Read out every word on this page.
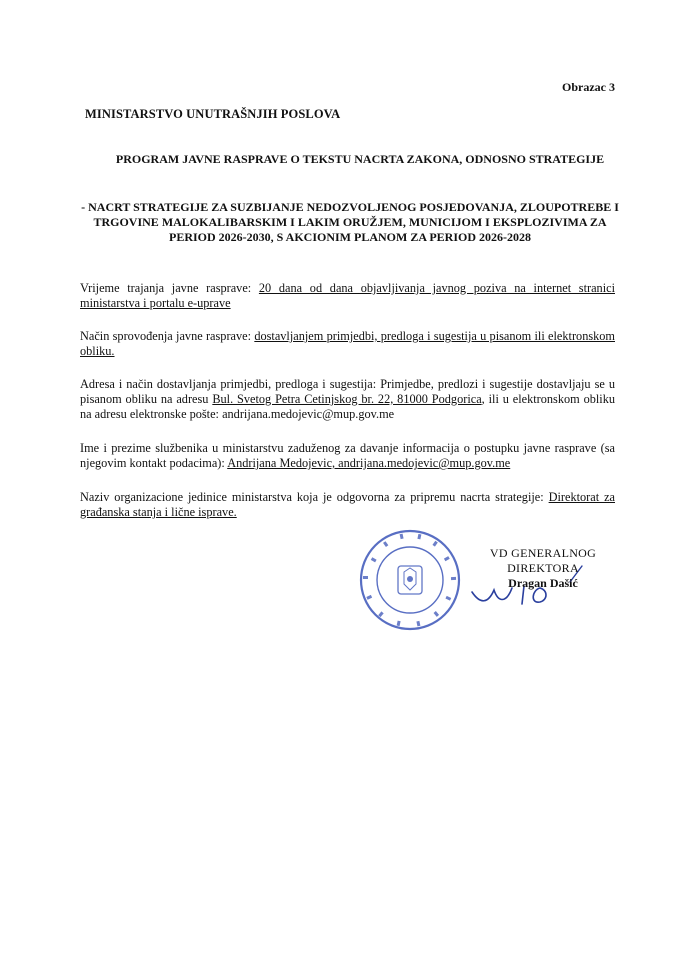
Obrazac 3
MINISTARSTVO UNUTRAŠNJIH POSLOVA
PROGRAM JAVNE RASPRAVE O TEKSTU NACRTA ZAKONA, ODNOSNO STRATEGIJE
- NACRT STRATEGIJE ZA SUZBIJANJE NEDOZVOLJENOG POSJEDOVANJA, ZLOUPOTREBE I TRGOVINE MALOKALIBARSKIM I LAKIM ORUŽJEM, MUNICIJOM I EKSPLOZIVIMA ZA PERIOD 2026-2030, S AKCIONIM PLANOM ZA PERIOD 2026-2028
Vrijeme trajanja javne rasprave: 20 dana od dana objavljivanja javnog poziva na internet stranici ministarstva i portalu e-uprave
Način sprovođenja javne rasprave: dostavljanjem primjedbi, predloga i sugestija u pisanom ili elektronskom obliku.
Adresa i način dostavljanja primjedbi, predloga i sugestija: Primjedbe, predlozi i sugestije dostavljaju se u pisanom obliku na adresu Bul. Svetog Petra Cetinjskog br. 22, 81000 Podgorica, ili u elektronskom obliku na adresu elektronske pošte: andrijana.medojevic@mup.gov.me
Ime i prezime službenika u ministarstvu zaduženog za davanje informacija o postupku javne rasprave (sa njegovim kontakt podacima): Andrijana Medojevic, andrijana.medojevic@mup.gov.me
Naziv organizacione jedinice ministarstva koja je odgovorna za pripremu nacrta strategije: Direktorat za građanska stanja i lične isprave.
VD GENERALNOG DIREKTORA
Dragan Dašić
